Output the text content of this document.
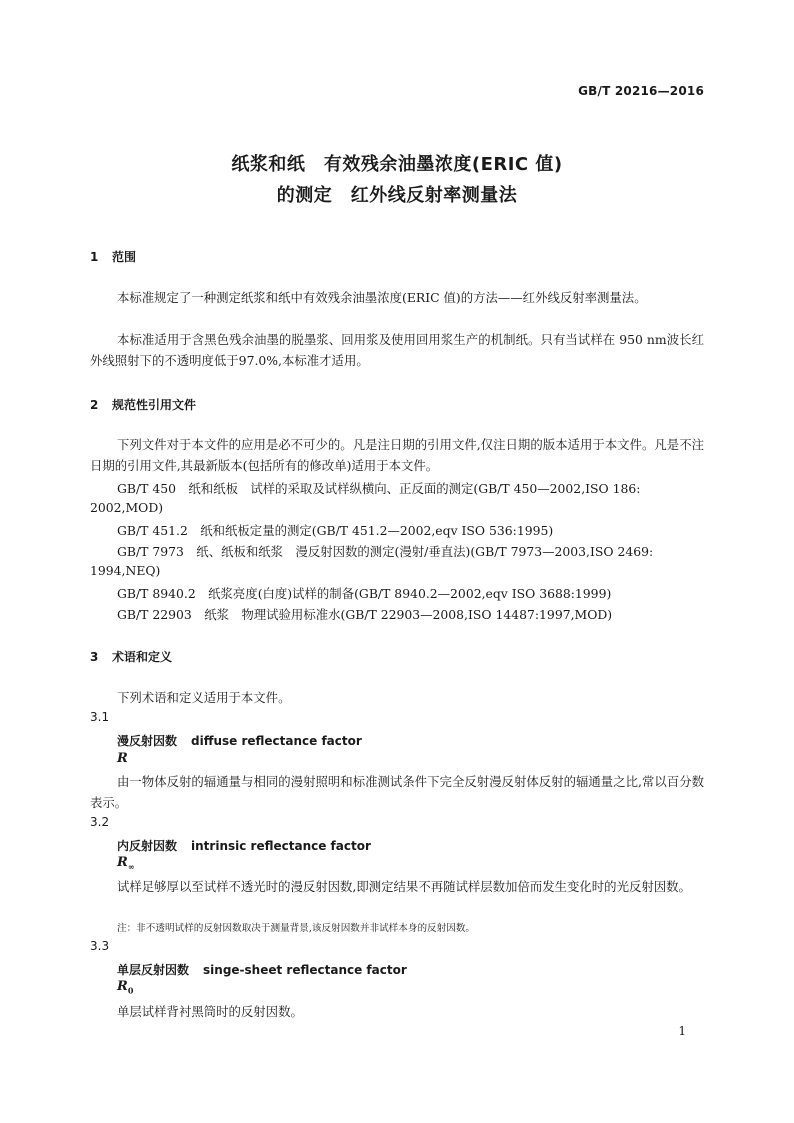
GB/T 20216—2016
纸浆和纸　有效残余油墨浓度(ERIC 值)
的测定　红外线反射率测量法
1 范围
本标准规定了一种测定纸浆和纸中有效残余油墨浓度(ERIC 值)的方法——红外线反射率测量法。
本标准适用于含黑色残余油墨的脱墨浆、回用浆及使用回用浆生产的机制纸。只有当试样在 950 nm波长红外线照射下的不透明度低于97.0%,本标准才适用。
2 规范性引用文件
下列文件对于本文件的应用是必不可少的。凡是注日期的引用文件,仅注日期的版本适用于本文件。凡是不注日期的引用文件,其最新版本(包括所有的修改单)适用于本文件。
GB/T 450　纸和纸板　试样的采取及试样纵横向、正反面的测定(GB/T 450—2002,ISO 186:
2002,MOD)
GB/T 451.2　纸和纸板定量的测定(GB/T 451.2—2002,eqv ISO 536:1995)
GB/T 7973　纸、纸板和纸浆　漫反射因数的测定(漫射/垂直法)(GB/T 7973—2003,ISO 2469:
1994,NEQ)
GB/T 8940.2　纸浆亮度(白度)试样的制备(GB/T 8940.2—2002,eqv ISO 3688:1999)
GB/T 22903　纸浆　物理试验用标准水(GB/T 22903—2008,ISO 14487:1997,MOD)
3 术语和定义
下列术语和定义适用于本文件。
3.1
漫反射因数 diffuse reflectance factor
R
由一物体反射的辐通量与相同的漫射照明和标准测试条件下完全反射漫反射体反射的辐通量之比,常以百分数表示。
3.2
内反射因数 intrinsic reflectance factor
$R_\infty$
试样足够厚以至试样不透光时的漫反射因数,即测定结果不再随试样层数加倍而发生变化时的光反射因数。
注：非不透明试样的反射因数取决于测量背景,该反射因数并非试样本身的反射因数。
3.3
单层反射因数 singe-sheet reflectance factor
$R_0$
单层试样背衬黑筒时的反射因数。
1
